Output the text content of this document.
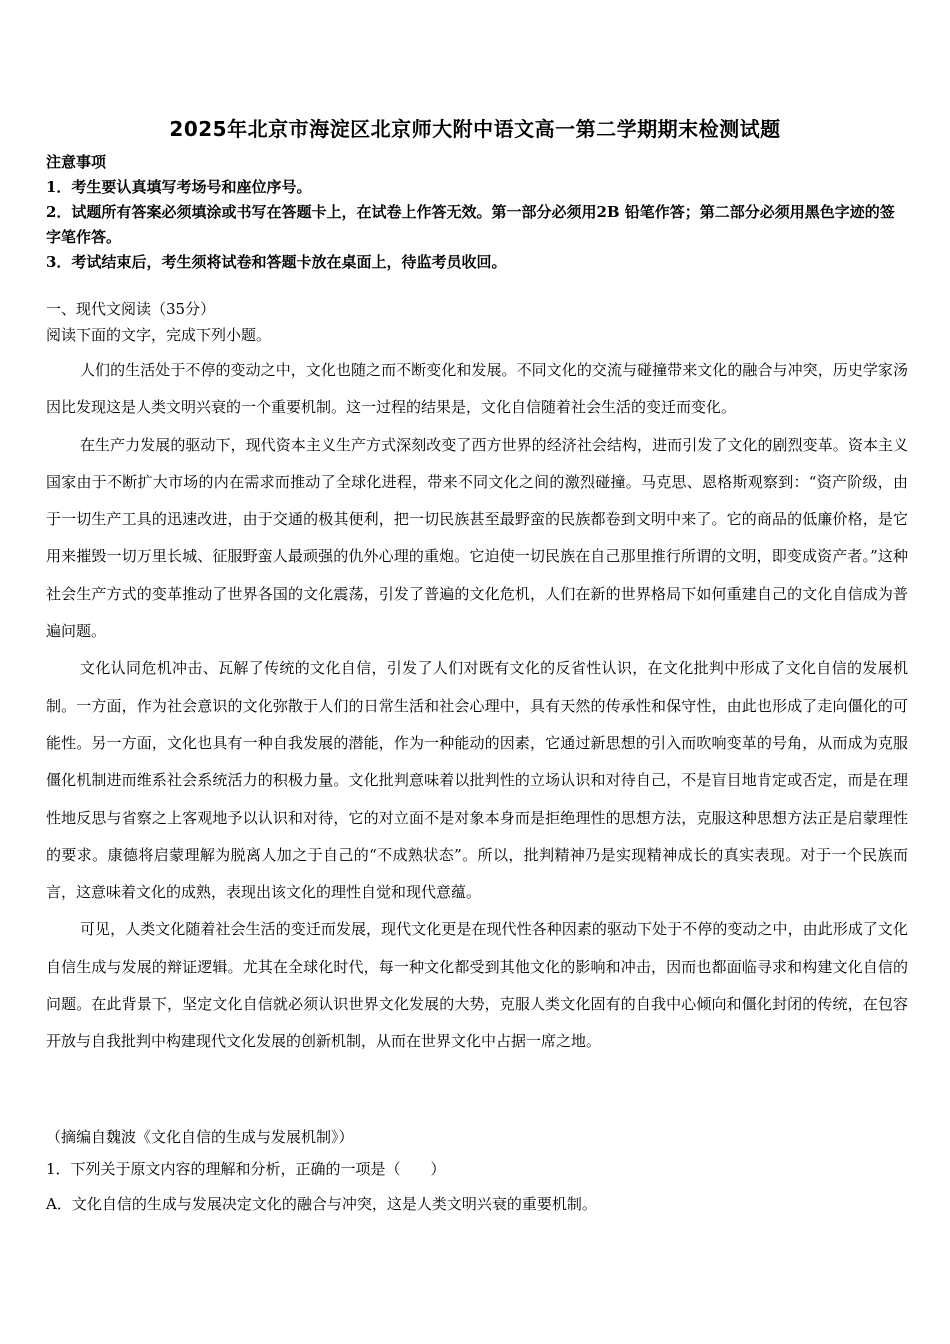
2025年北京市海淀区北京师大附中语文高一第二学期期末检测试题

注意事项

1．考生要认真填写考场号和座位序号。

2．试题所有答案必须填涂或书写在答题卡上，在试卷上作答无效。第一部分必须用2B 铅笔作答；第二部分必须用黑色字迹的签字笔作答。

3．考试结束后，考生须将试卷和答题卡放在桌面上，待监考员收回。

一、现代文阅读（35分）
阅读下面的文字，完成下列小题。

人们的生活处于不停的变动之中，文化也随之而不断变化和发展。不同文化的交流与碰撞带来文化的融合与冲突，历史学家汤因比发现这是人类文明兴衰的一个重要机制。这一过程的结果是，文化自信随着社会生活的变迁而变化。

在生产力发展的驱动下，现代资本主义生产方式深刻改变了西方世界的经济社会结构，进而引发了文化的剧烈变革。资本主义国家由于不断扩大市场的内在需求而推动了全球化进程，带来不同文化之间的激烈碰撞。马克思、恩格斯观察到：“资产阶级，由于一切生产工具的迅速改进，由于交通的极其便利，把一切民族甚至最野蛮的民族都卷到文明中来了。它的商品的低廉价格，是它用来摧毁一切万里长城、征服野蛮人最顽强的仇外心理的重炮。它迫使一切民族在自己那里推行所谓的文明，即变成资产者。”这种社会生产方式的变革推动了世界各国的文化震荡，引发了普遍的文化危机，人们在新的世界格局下如何重建自己的文化自信成为普遍问题。

文化认同危机冲击、瓦解了传统的文化自信，引发了人们对既有文化的反省性认识，在文化批判中形成了文化自信的发展机制。一方面，作为社会意识的文化弥散于人们的日常生活和社会心理中，具有天然的传承性和保守性，由此也形成了走向僵化的可能性。另一方面，文化也具有一种自我发展的潜能，作为一种能动的因素，它通过新思想的引入而吹响变革的号角，从而成为克服僵化机制进而维系社会系统活力的积极力量。文化批判意味着以批判性的立场认识和对待自己，不是盲目地肯定或否定，而是在理性地反思与省察之上客观地予以认识和对待，它的对立面不是对象本身而是拒绝理性的思想方法，克服这种思想方法正是启蒙理性的要求。康德将启蒙理解为脱离人加之于自己的“不成熟状态”。所以，批判精神乃是实现精神成长的真实表现。对于一个民族而言，这意味着文化的成熟，表现出该文化的理性自觉和现代意蕴。

可见，人类文化随着社会生活的变迁而发展，现代文化更是在现代性各种因素的驱动下处于不停的变动之中，由此形成了文化自信生成与发展的辩证逻辑。尤其在全球化时代，每一种文化都受到其他文化的影响和冲击，因而也都面临寻求和构建文化自信的问题。在此背景下，坚定文化自信就必须认识世界文化发展的大势，克服人类文化固有的自我中心倾向和僵化封闭的传统，在包容开放与自我批判中构建现代文化发展的创新机制，从而在世界文化中占据一席之地。

（摘编自魏波《文化自信的生成与发展机制》）
1．下列关于原文内容的理解和分析，正确的一项是（　　）
A．文化自信的生成与发展决定文化的融合与冲突，这是人类文明兴衰的重要机制。
